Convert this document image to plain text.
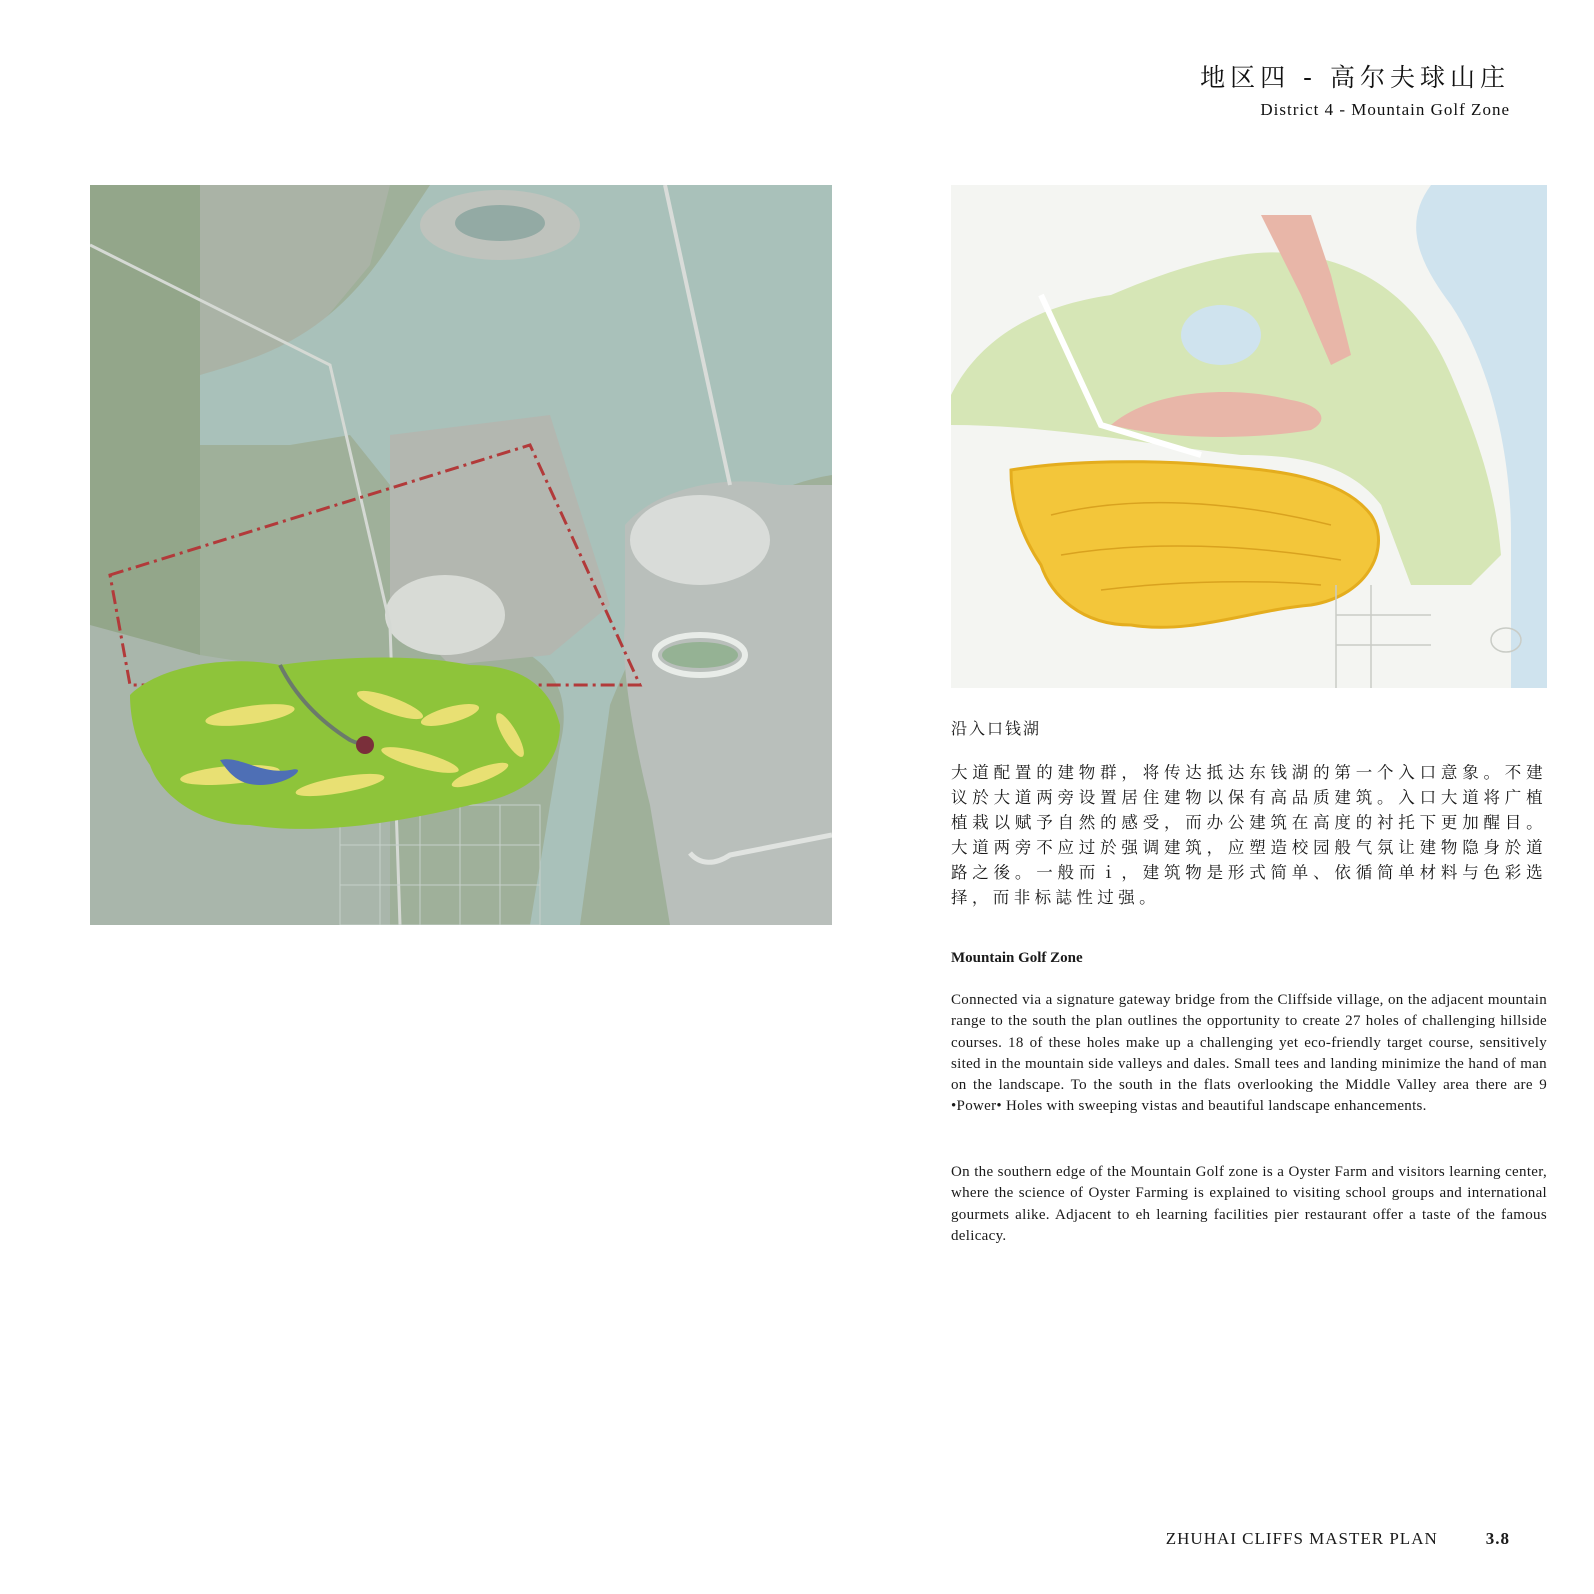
地区四 - 高尔夫球山庄
District 4 - Mountain Golf Zone
沿入口钱湖
大道配置的建物群，将传达抵达东钱湖的第一个入口意象。不建议於大道两旁设置居住建物以保有高品质建筑。入口大道将广植植栽以赋予自然的感受，而办公建筑在高度的衬托下更加醒目。大道两旁不应过於强调建筑，应塑造校园般气氛让建物隐身於道路之後。一般而ｉ，建筑物是形式简单、依循简单材料与色彩选择，而非标誌性过强。
Mountain Golf Zone
Connected via a signature gateway bridge from the Cliffside village, on the adjacent mountain range to the south the plan outlines the opportunity to create 27 holes of challenging hillside courses. 18 of these holes make up a challenging yet eco-friendly target course, sensitively sited in the mountain side valleys and dales. Small tees and landing minimize the hand of man on the landscape. To the south in the flats overlooking the Middle Valley area there are 9 •Power• Holes with sweeping vistas and beautiful landscape enhancements.
On the southern edge of the Mountain Golf zone is a Oyster Farm and visitors learning center, where the science of Oyster Farming is explained to visiting school groups and international gourmets alike. Adjacent to eh learning facilities pier restaurant offer a taste of the famous delicacy.
ZHUHAI CLIFFS MASTER PLAN	3.8
